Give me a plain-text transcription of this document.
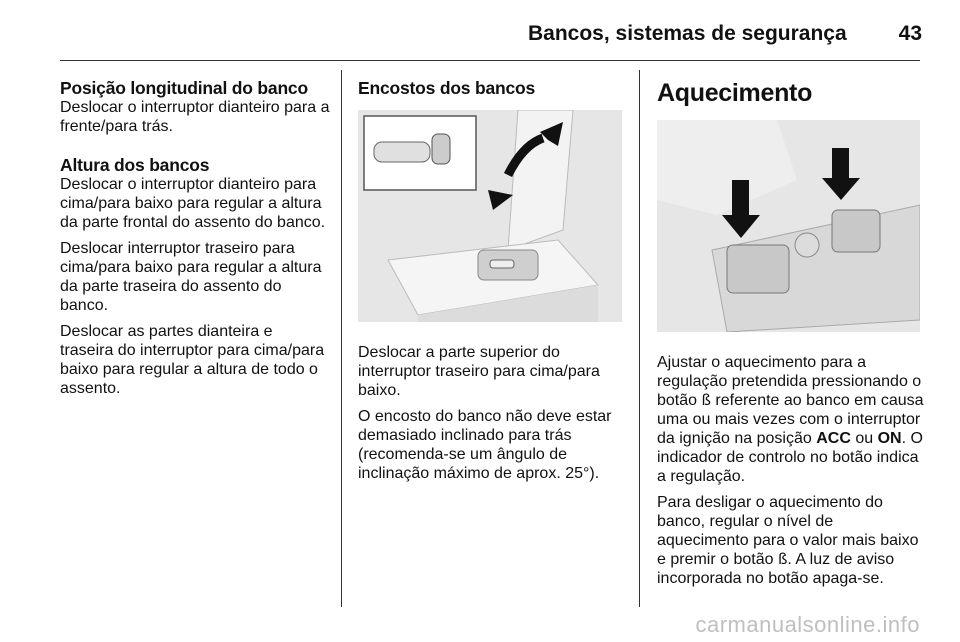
Bancos, sistemas de segurança 43
Posição longitudinal do banco

Deslocar o interruptor dianteiro para a frente/para trás.

Altura dos bancos

Deslocar o interruptor dianteiro para cima/para baixo para regular a altura da parte frontal do assento do banco.

Deslocar interruptor traseiro para cima/para baixo para regular a altura da parte traseira do assento do banco.

Deslocar as partes dianteira e traseira do interruptor para cima/para baixo para regular a altura de todo o assento.

Encostos dos bancos

Deslocar a parte superior do interruptor traseiro para cima/para baixo.

O encosto do banco não deve estar demasiado inclinado para trás (recomenda-se um ângulo de inclinação máximo de aprox. 25°).

Aquecimento

Ajustar o aquecimento para a regulação pretendida pressionando o botão ß referente ao banco em causa uma ou mais vezes com o interruptor da ignição na posição ACC ou ON. O indicador de controlo no botão indica a regulação.

Para desligar o aquecimento do banco, regular o nível de aquecimento para o valor mais baixo e premir o botão ß. A luz de aviso incorporada no botão apaga-se.

carmanualsonline.info
